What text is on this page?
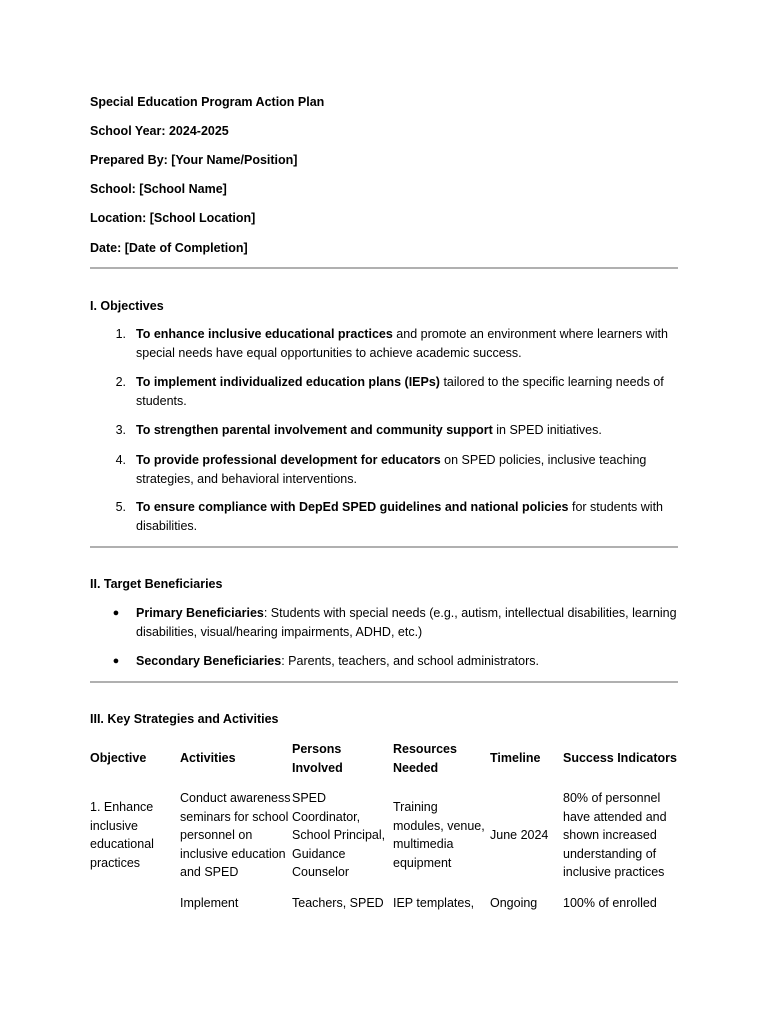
Special Education Program Action Plan
School Year: 2024-2025
Prepared By: [Your Name/Position]
School: [School Name]
Location: [School Location]
Date: [Date of Completion]
I. Objectives
1. To enhance inclusive educational practices and promote an environment where learners with special needs have equal opportunities to achieve academic success.
2. To implement individualized education plans (IEPs) tailored to the specific learning needs of students.
3. To strengthen parental involvement and community support in SPED initiatives.
4. To provide professional development for educators on SPED policies, inclusive teaching strategies, and behavioral interventions.
5. To ensure compliance with DepEd SPED guidelines and national policies for students with disabilities.
II. Target Beneficiaries
● Primary Beneficiaries: Students with special needs (e.g., autism, intellectual disabilities, learning disabilities, visual/hearing impairments, ADHD, etc.)
● Secondary Beneficiaries: Parents, teachers, and school administrators.
III. Key Strategies and Activities
Objective	Activities	Persons Involved	Resources Needed	Timeline	Success Indicators
1. Enhance inclusive educational practices	Conduct awareness seminars for school personnel on inclusive education and SPED	SPED Coordinator, School Principal, Guidance Counselor	Training modules, venue, multimedia equipment	June 2024	80% of personnel have attended and shown increased understanding of inclusive practices
	Implement	Teachers, SPED	IEP templates,	Ongoing	100% of enrolled
